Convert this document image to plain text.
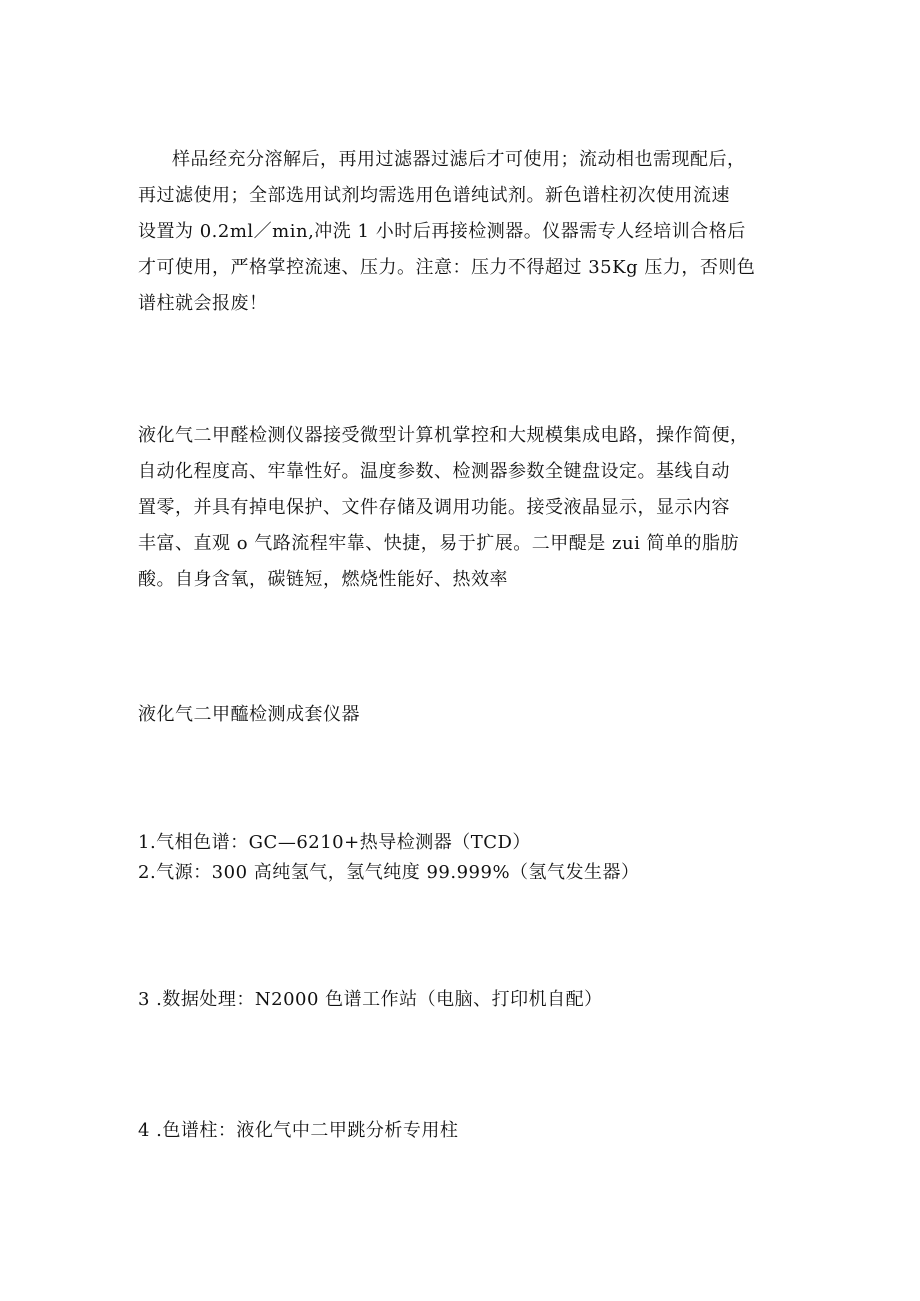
样品经充分溶解后，再用过滤器过滤后才可使用；流动相也需现配后，
再过滤使用；全部选用试剂均需选用色谱纯试剂。新色谱柱初次使用流速
设置为 0.2ml／min,冲洗 1 小时后再接检测器。仪器需专人经培训合格后
才可使用，严格掌控流速、压力。注意：压力不得超过 35Kg 压力，否则色
谱柱就会报废！
液化气二甲醛检测仪器接受微型计算机掌控和大规模集成电路，操作简便，
自动化程度高、牢靠性好。温度参数、检测器参数全键盘设定。基线自动
置零，并具有掉电保护、文件存储及调用功能。接受液晶显示，显示内容
丰富、直观 o 气路流程牢靠、快捷，易于扩展。二甲醍是 zui 简单的脂肪
酸。自身含氧，碳链短，燃烧性能好、热效率

液化气二甲醯检测成套仪器

1.气相色谱：GC—6210+热导检测器（TCD）

2.气源：300 高纯氢气，氢气纯度 99.999%（氢气发生器）

3 .数据处理：N2000 色谱工作站（电脑、打印机自配）

4 .色谱柱：液化气中二甲跳分析专用柱
